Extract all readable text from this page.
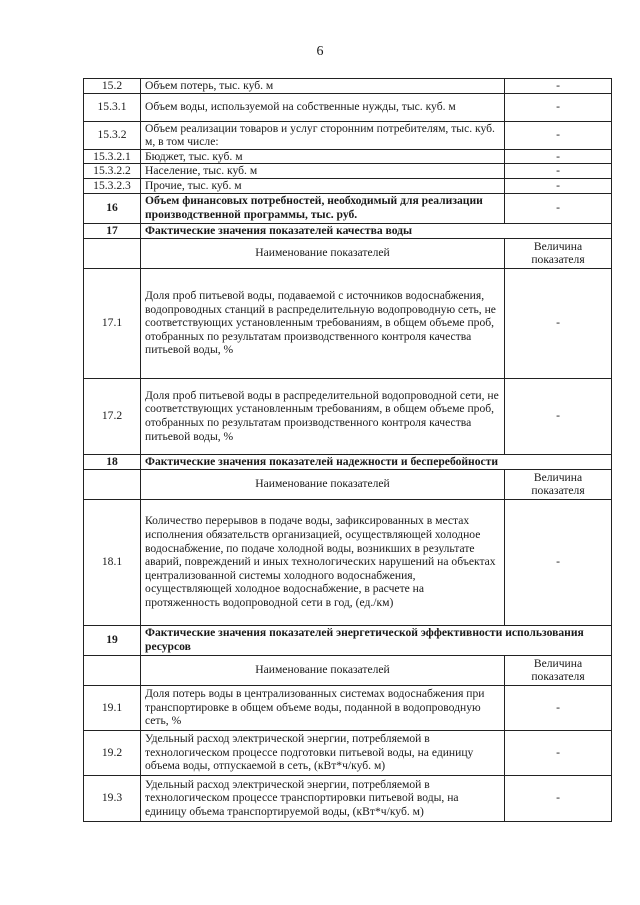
6
15.2	Объем потерь, тыс. куб. м	-
15.3.1	Объем воды, используемой на собственные нужды, тыс. куб. м	-
15.3.2	Объем реализации товаров и услуг сторонним потребителям, тыс. куб. м, в том числе:	-
15.3.2.1	Бюджет, тыс. куб. м	-
15.3.2.2	Население, тыс. куб. м	-
15.3.2.3	Прочие, тыс. куб. м	-
16	Объем финансовых потребностей, необходимый для реализации производственной программы, тыс. руб.	-
17	Фактические значения показателей качества воды	
	Наименование показателей	Величина показателя
17.1	Доля проб питьевой воды, подаваемой с источников водоснабжения, водопроводных станций в распределительную водопроводную сеть, не соответствующих установленным требованиям, в общем объеме проб, отобранных по результатам производственного контроля качества питьевой воды, %	-
17.2	Доля проб питьевой воды в распределительной водопроводной сети, не соответствующих установленным требованиям, в общем объеме проб, отобранных по результатам производственного контроля качества питьевой воды, %	-
18	Фактические значения показателей надежности и бесперебойности	
	Наименование показателей	Величина показателя
18.1	Количество перерывов в подаче воды, зафиксированных в местах исполнения обязательств организацией, осуществляющей холодное водоснабжение, по подаче холодной воды, возникших в результате аварий, повреждений и иных технологических нарушений на объектах централизованной системы холодного водоснабжения, осуществляющей холодное водоснабжение, в расчете на протяженность водопроводной сети в год, (ед./км)	-
19	Фактические значения показателей энергетической эффективности использования ресурсов	
	Наименование показателей	Величина показателя
19.1	Доля потерь воды в централизованных системах водоснабжения при транспортировке в общем объеме воды, поданной в водопроводную сеть, %	-
19.2	Удельный расход электрической энергии, потребляемой в технологическом процессе подготовки питьевой воды, на единицу объема воды, отпускаемой в сеть, (кВт*ч/куб. м)	-
19.3	Удельный расход электрической энергии, потребляемой в технологическом процессе транспортировки питьевой воды, на единицу объема транспортируемой воды, (кВт*ч/куб. м)	-
